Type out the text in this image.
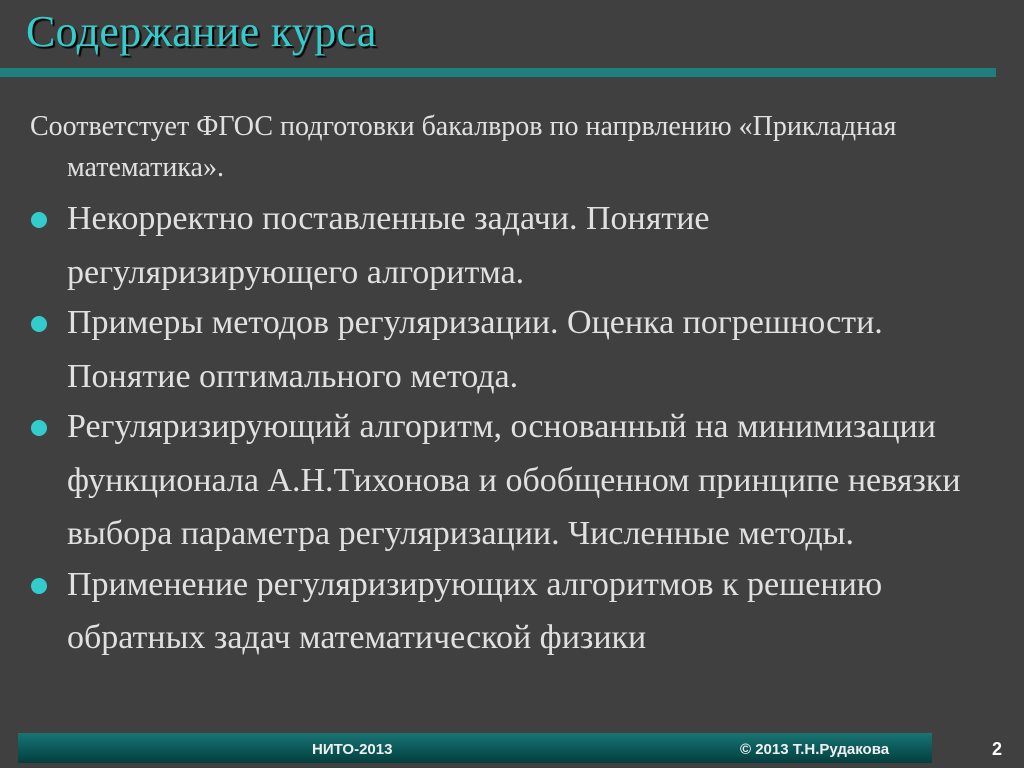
Содержание курса

Соответстует ФГОС подготовки бакалвров по напрвлению «Прикладная математика».

Некорректно поставленные задачи. Понятие регуляризирующего алгоритма.
Примеры методов регуляризации. Оценка погрешности. Понятие оптимального метода.
Регуляризирующий алгоритм, основанный на минимизации функционала А.Н.Тихонова и обобщенном принципе невязки выбора параметра регуляризации. Численные методы.
Применение регуляризирующих алгоритмов к решению обратных задач математической физики
НИТО-2013	© 2013 Т.Н.Рудакова	2
